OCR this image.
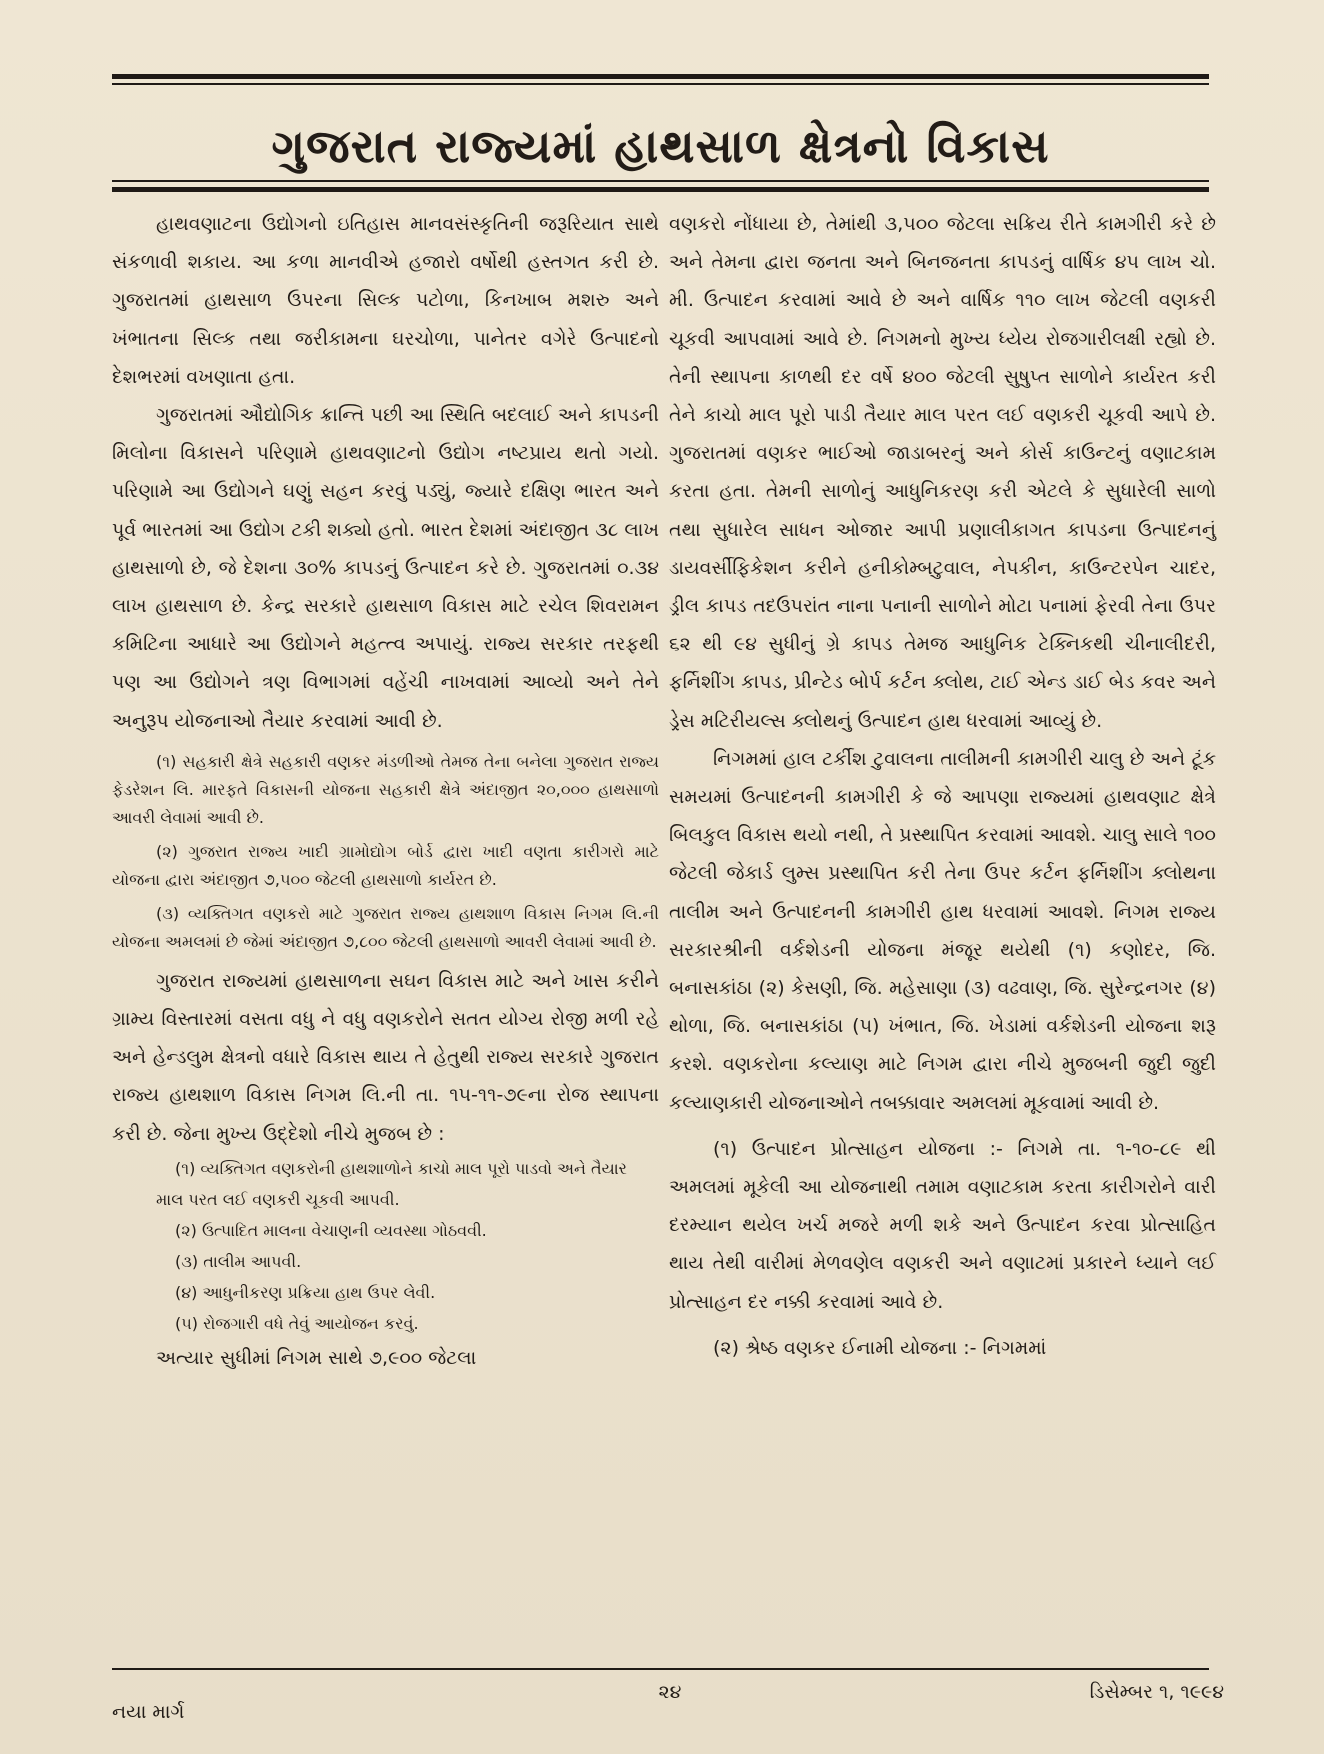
ગુજરાત રાજ્યમાં હાથસાળ ક્ષેત્રનો વિકાસ

હાથવણાટના ઉદ્યોગનો ઇતિહાસ માનવસંસ્કૃતિની જરૂરિયાત સાથે સંકળાવી શકાય. આ કળા માનવીએ હજારો વર્ષોથી હસ્તગત કરી છે. ગુજરાતમાં હાથસાળ ઉપરના સિલ્ક પટોળા, કિનખાબ મશરુ અને ખંભાતના સિલ્ક તથા જરીકામના ઘરચોળા, પાનેતર વગેરે ઉત્પાદનો દેશભરમાં વખણાતા હતા.

ગુજરાતમાં ઔદ્યોગિક ક્રાન્તિ પછી આ સ્થિતિ બદલાઈ અને કાપડની મિલોના વિકાસને પરિણામે હાથવણાટનો ઉદ્યોગ નષ્ટપ્રાય થતો ગયો. પરિણામે આ ઉદ્યોગને ઘણું સહન કરવું પડ્યું, જ્યારે દક્ષિણ ભારત અને પૂર્વ ભારતમાં આ ઉદ્યોગ ટકી શક્યો હતો. ભારત દેશમાં અંદાજીત ૩૮ લાખ હાથસાળો છે, જે દેશના ૩૦% કાપડનું ઉત્પાદન કરે છે. ગુજરાતમાં ૦.૩૪ લાખ હાથસાળ છે. કેન્દ્ર સરકારે હાથસાળ વિકાસ માટે રચેલ શિવરામન કમિટિના આધારે આ ઉદ્યોગને મહત્ત્વ અપાયું. રાજ્ય સરકાર તરફથી પણ આ ઉદ્યોગને ત્રણ વિભાગમાં વહેંચી નાખવામાં આવ્યો અને તેને અનુરૂપ યોજનાઓ તૈયાર કરવામાં આવી છે.

(૧) સહકારી ક્ષેત્રે સહકારી વણકર મંડળીઓ તેમજ તેના બનેલા ગુજરાત રાજ્ય ફેડરેશન લિ. મારફતે વિકાસની યોજના સહકારી ક્ષેત્રે અંદાજીત ૨૦,૦૦૦ હાથસાળો આવરી લેવામાં આવી છે.

(૨) ગુજરાત રાજ્ય ખાદી ગ્રામોદ્યોગ બોર્ડ દ્વારા ખાદી વણતા કારીગરો માટે યોજના દ્વારા અંદાજીત ૭,૫૦૦ જેટલી હાથસાળો કાર્યરત છે.

(૩) વ્યક્તિગત વણકરો માટે ગુજરાત રાજ્ય હાથશાળ વિકાસ નિગમ લિ.ની યોજના અમલમાં છે જેમાં અંદાજીત ૭,૮૦૦ જેટલી હાથસાળો આવરી લેવામાં આવી છે.

ગુજરાત રાજ્યમાં હાથસાળના સઘન વિકાસ માટે અને ખાસ કરીને ગ્રામ્ય વિસ્તારમાં વસતા વધુ ને વધુ વણકરોને સતત યોગ્ય રોજી મળી રહે અને હેન્ડલુમ ક્ષેત્રનો વધારે વિકાસ થાય તે હેતુથી રાજ્ય સરકારે ગુજરાત રાજ્ય હાથશાળ વિકાસ નિગમ લિ.ની તા. ૧૫-૧૧-૭૯ના રોજ સ્થાપના કરી છે. જેના મુખ્ય ઉદ્દેશો નીચે મુજબ છે :

(૧) વ્યક્તિગત વણકરોની હાથશાળોને કાચો માલ પૂરો પાડવો અને તૈયાર માલ પરત લઈ વણકરી ચૂકવી આપવી.
(૨) ઉત્પાદિત માલના વેચાણની વ્યવસ્થા ગોઠવવી.
(૩) તાલીમ આપવી.
(૪) આધુનીકરણ પ્રક્રિયા હાથ ઉપર લેવી.
(૫) રોજગારી વધે તેવું આયોજન કરવું.

અત્યાર સુધીમાં નિગમ સાથે ૭,૯૦૦ જેટલા

વણકરો નોંધાયા છે, તેમાંથી ૩,૫૦૦ જેટલા સક્રિય રીતે કામગીરી કરે છે અને તેમના દ્વારા જનતા અને બિનજનતા કાપડનું વાર્ષિક ૪૫ લાખ ચો. મી. ઉત્પાદન કરવામાં આવે છે અને વાર્ષિક ૧૧૦ લાખ જેટલી વણકરી ચૂકવી આપવામાં આવે છે. નિગમનો મુખ્ય ધ્યેય રોજગારીલક્ષી રહ્યો છે. તેની સ્થાપના કાળથી દર વર્ષે ૪૦૦ જેટલી સુષુપ્ત સાળોને કાર્યરત કરી તેને કાચો માલ પૂરો પાડી તૈયાર માલ પરત લઈ વણકરી ચૂકવી આપે છે. ગુજરાતમાં વણકર ભાઈઓ જાડાબરનું અને કોર્સ કાઉન્ટનું વણાટકામ કરતા હતા. તેમની સાળોનું આધુનિકરણ કરી એટલે કે સુધારેલી સાળો તથા સુધારેલ સાધન ઓજાર આપી પ્રણાલીકાગત કાપડના ઉત્પાદનનું ડાયવર્સીફિકેશન કરીને હનીકોમ્બટુવાલ, નેપકીન, કાઉન્ટરપેન ચાદર, ડ્રીલ કાપડ તદઉપરાંત નાના પનાની સાળોને મોટા પનામાં ફેરવી તેના ઉપર ૬૨ થી ૯૪ સુધીનું ગ્રે કાપડ તેમજ આધુનિક ટેક્નિકથી ચીનાલીદરી, ફર્નિશીંગ કાપડ, પ્રીન્ટેડ બોર્પ કર્ટન ક્લોથ, ટાઈ એન્ડ ડાઈ બેડ કવર અને ડ્રેસ મટિરીયલ્સ ક્લોથનું ઉત્પાદન હાથ ધરવામાં આવ્યું છે.

નિગમમાં હાલ ટર્કીશ ટુવાલના તાલીમની કામગીરી ચાલુ છે અને ટૂંક સમયમાં ઉત્પાદનની કામગીરી કે જે આપણા રાજ્યમાં હાથવણાટ ક્ષેત્રે બિલકુલ વિકાસ થયો નથી, તે પ્રસ્થાપિત કરવામાં આવશે. ચાલુ સાલે ૧૦૦ જેટલી જેકાર્ડ લુમ્સ પ્રસ્થાપિત કરી તેના ઉપર કર્ટન ફર્નિશીંગ ક્લોથના તાલીમ અને ઉત્પાદનની કામગીરી હાથ ધરવામાં આવશે. નિગમ રાજ્ય સરકારશ્રીની વર્કશેડની યોજના મંજૂર થયેથી (૧) કણોદર, જિ. બનાસકાંઠા (૨) કેસણી, જિ. મહેસાણા (૩) વઢવાણ, જિ. સુરેન્દ્રનગર (૪) થોળા, જિ. બનાસકાંઠા (૫) ખંભાત, જિ. ખેડામાં વર્કશેડની યોજના શરૂ કરશે. વણકરોના કલ્યાણ માટે નિગમ દ્વારા નીચે મુજબની જુદી જુદી કલ્યાણકારી યોજનાઓને તબક્કાવાર અમલમાં મૂકવામાં આવી છે.

(૧) ઉત્પાદન પ્રોત્સાહન યોજના :- નિગમે તા. ૧-૧૦-૮૯ થી અમલમાં મૂકેલી આ યોજનાથી તમામ વણાટકામ કરતા કારીગરોને વારી દરમ્યાન થયેલ ખર્ચ મજરે મળી શકે અને ઉત્પાદન કરવા પ્રોત્સાહિત થાય તેથી વારીમાં મેળવણેલ વણકરી અને વણાટમાં પ્રકારને ધ્યાને લઈ પ્રોત્સાહન દર નક્કી કરવામાં આવે છે.

(૨) શ્રેષ્ઠ વણકર ઈનામી યોજના :- નિગમમાં

નયા માર્ગ
૨૪	ડિસેમ્બર ૧, ૧૯૯૪
